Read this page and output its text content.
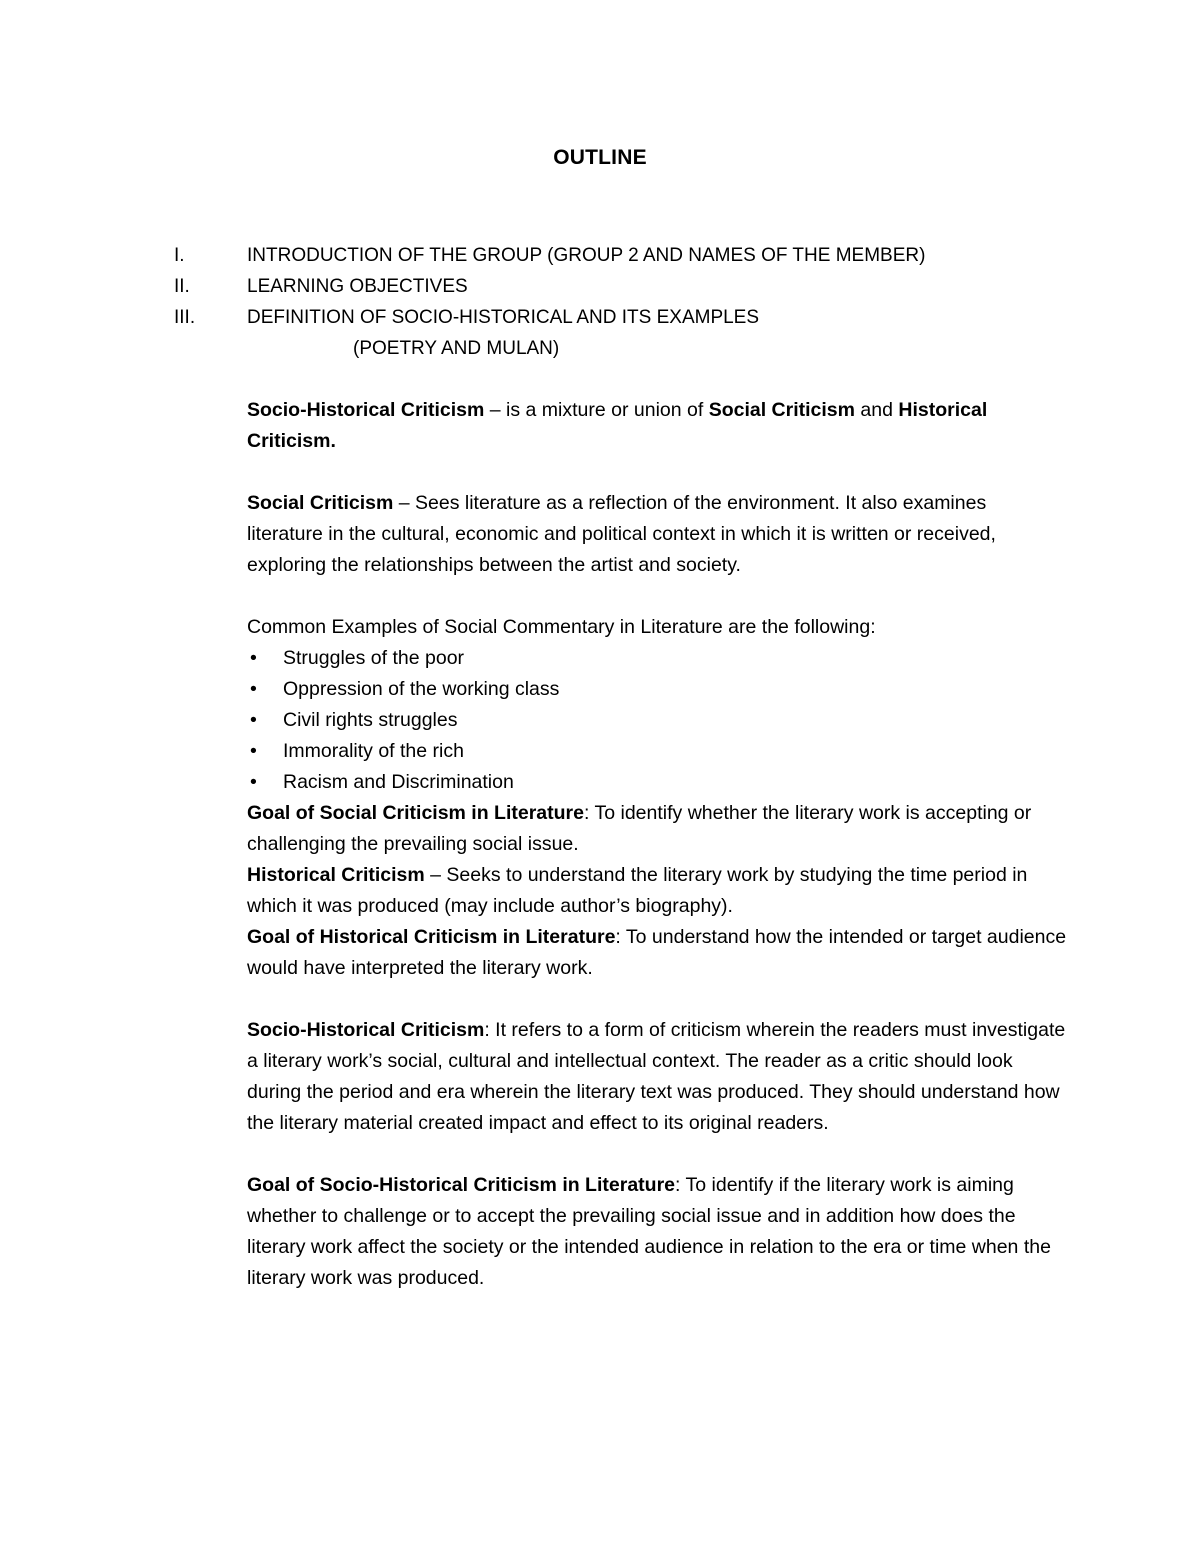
OUTLINE
I.	INTRODUCTION OF THE GROUP (GROUP 2 AND NAMES OF THE MEMBER)
II.	LEARNING OBJECTIVES
III.	DEFINITION OF SOCIO-HISTORICAL AND ITS EXAMPLES
(POETRY AND MULAN)

Socio-Historical Criticism – is a mixture or union of Social Criticism and Historical Criticism.

Social Criticism – Sees literature as a reflection of the environment. It also examines literature in the cultural, economic and political context in which it is written or received, exploring the relationships between the artist and society.

Common Examples of Social Commentary in Literature are the following:

•	Struggles of the poor
•	Oppression of the working class
•	Civil rights struggles
•	Immorality of the rich
•	Racism and Discrimination

Goal of Social Criticism in Literature: To identify whether the literary work is accepting or challenging the prevailing social issue.

Historical Criticism – Seeks to understand the literary work by studying the time period in which it was produced (may include author’s biography).

Goal of Historical Criticism in Literature: To understand how the intended or target audience would have interpreted the literary work.

Socio-Historical Criticism: It refers to a form of criticism wherein the readers must investigate a literary work’s social, cultural and intellectual context. The reader as a critic should look during the period and era wherein the literary text was produced. They should understand how the literary material created impact and effect to its original readers.

Goal of Socio-Historical Criticism in Literature: To identify if the literary work is aiming whether to challenge or to accept the prevailing social issue and in addition how does the literary work affect the society or the intended audience in relation to the era or time when the literary work was produced.
